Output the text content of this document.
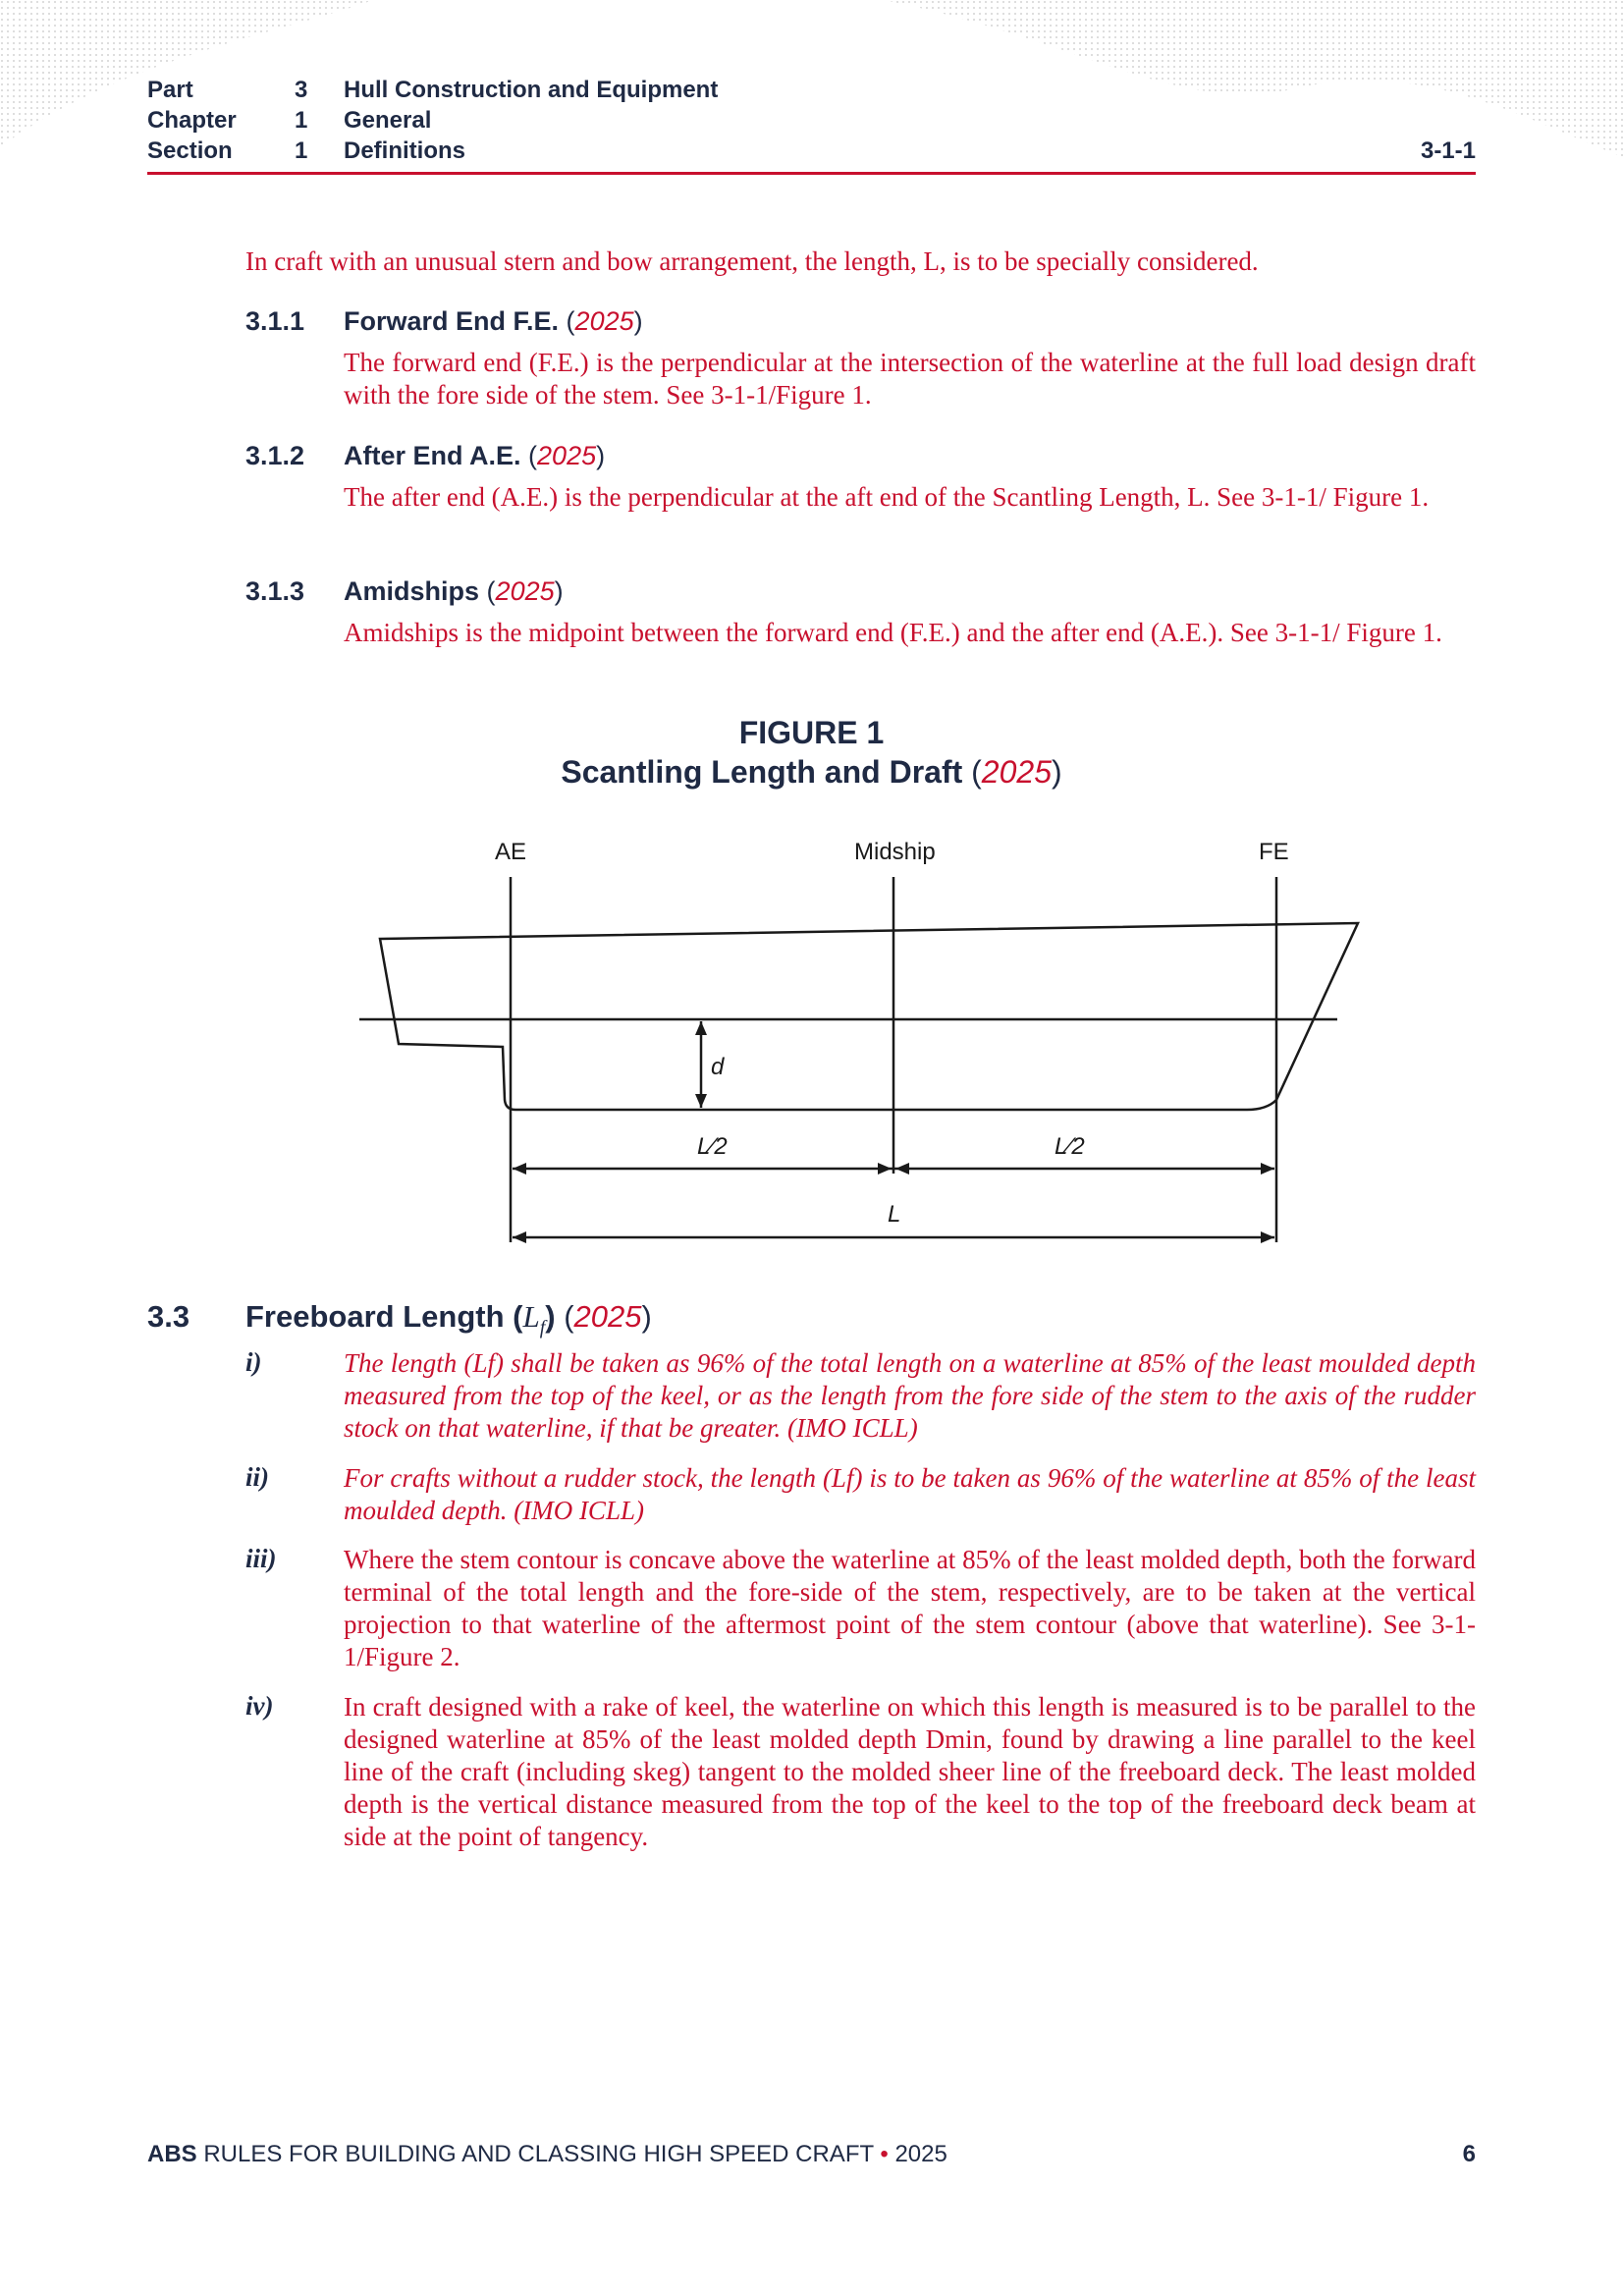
Part	3 Hull Construction and Equipment
Chapter 1 General
Section	1 Definitions	3-1-1

In craft with an unusual stern and bow arrangement, the length, L, is to be specially considered.

3.1.1 Forward End F.E. (2025)

The forward end (F.E.) is the perpendicular at the intersection of the waterline at the full load design draft with the fore side of the stem. See 3-1-1/Figure 1.

3.1.2 After End A.E. (2025)

The after end (A.E.) is the perpendicular at the aft end of the Scantling Length, L. See 3-1-1/ Figure 1.

3.1.3 Amidships (2025)

Amidships is the midpoint between the forward end (F.E.) and the after end (A.E.). See 3-1-1/ Figure 1.

FIGURE 1
Scantling Length and Draft (2025)
AE	Midship	FE
d
L⁄2	L⁄2
L
3.3 Freeboard Length $(L_f)$ (2025)
i)	The length (Lf) shall be taken as 96% of the total length on a waterline at 85% of the least moulded depth measured from the top of the keel, or as the length from the fore side of the stem to the axis of the rudder stock on that waterline, if that be greater. (IMO ICLL)

ii)	For crafts without a rudder stock, the length (Lf) is to be taken as 96% of the waterline at 85% of the least moulded depth. (IMO ICLL)

iii)	Where the stem contour is concave above the waterline at 85% of the least molded depth, both the forward terminal of the total length and the fore-side of the stem, respectively, are to be taken at the vertical projection to that waterline of the aftermost point of the stem contour (above that waterline). See 3-1-1/Figure 2.

iv)	In craft designed with a rake of keel, the waterline on which this length is measured is to be parallel to the designed waterline at 85% of the least molded depth Dmin, found by drawing a line parallel to the keel line of the craft (including skeg) tangent to the molded sheer line of the freeboard deck. The least molded depth is the vertical distance measured from the top of the keel to the top of the freeboard deck beam at side at the point of tangency.

ABS RULES FOR BUILDING AND CLASSING HIGH SPEED CRAFT • 2025	6
